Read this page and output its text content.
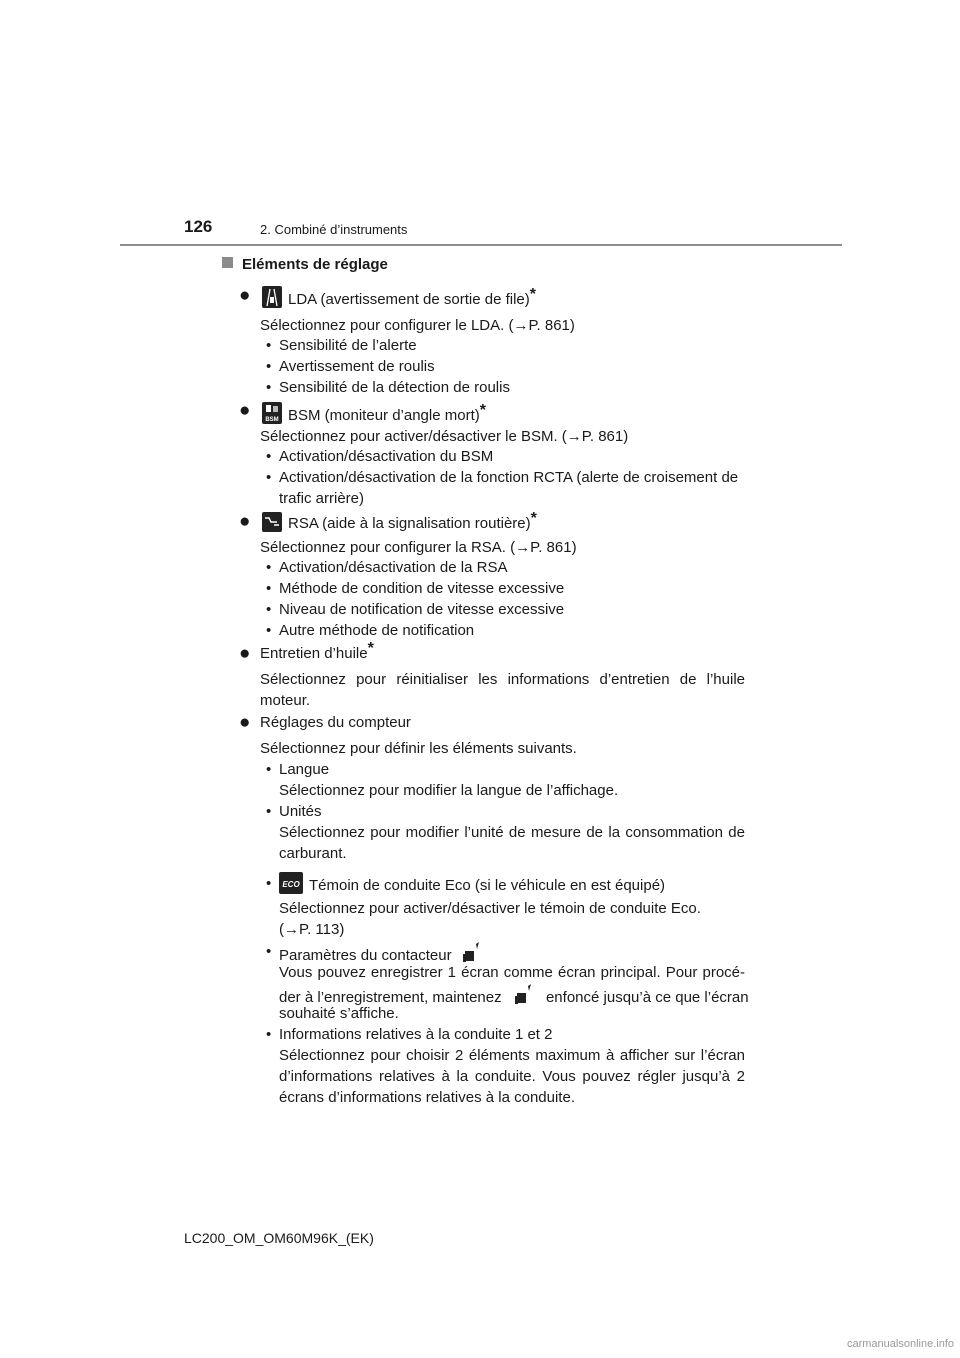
126	2. Combiné d’instruments
Eléments de réglage
●	LDA (avertissement de sortie de file)*
Sélectionnez pour configurer le LDA. (→P. 861)
• Sensibilité de l’alerte
• Avertissement de roulis
• Sensibilité de la détection de roulis
● BSM BSM (moniteur d’angle mort)*
Sélectionnez pour activer/désactiver le BSM. (→P. 861)
• Activation/désactivation du BSM
• Activation/désactivation de la fonction RCTA (alerte de croisement de
trafic arrière)
●	RSA (aide à la signalisation routière)*
Sélectionnez pour configurer la RSA. (→P. 861)
• Activation/désactivation de la RSA
• Méthode de condition de vitesse excessive
• Niveau de notification de vitesse excessive
• Autre méthode de notification
● Entretien d’huile*
Sélectionnez pour réinitialiser les informations d’entretien de l’huile
moteur.
● Réglages du compteur
Sélectionnez pour définir les éléments suivants.
• Langue
Sélectionnez pour modifier la langue de l’affichage.
• Unités
Sélectionnez pour modifier l’unité de mesure de la consommation de
carburant.
• ECO Témoin de conduite Eco (si le véhicule en est équipé)
Sélectionnez pour activer/désactiver le témoin de conduite Eco.
(→P. 113)
• Paramètres du contacteur
Vous pouvez enregistrer 1 écran comme écran principal. Pour procé-
der à l’enregistrement, maintenez	enfoncé jusqu’à ce que l’écran
souhaité s’affiche.
• Informations relatives à la conduite 1 et 2
Sélectionnez pour choisir 2 éléments maximum à afficher sur l’écran
d’informations relatives à la conduite. Vous pouvez régler jusqu’à 2
écrans d’informations relatives à la conduite.
LC200_OM_OM60M96K_(EK)
carmanualsonline.info
